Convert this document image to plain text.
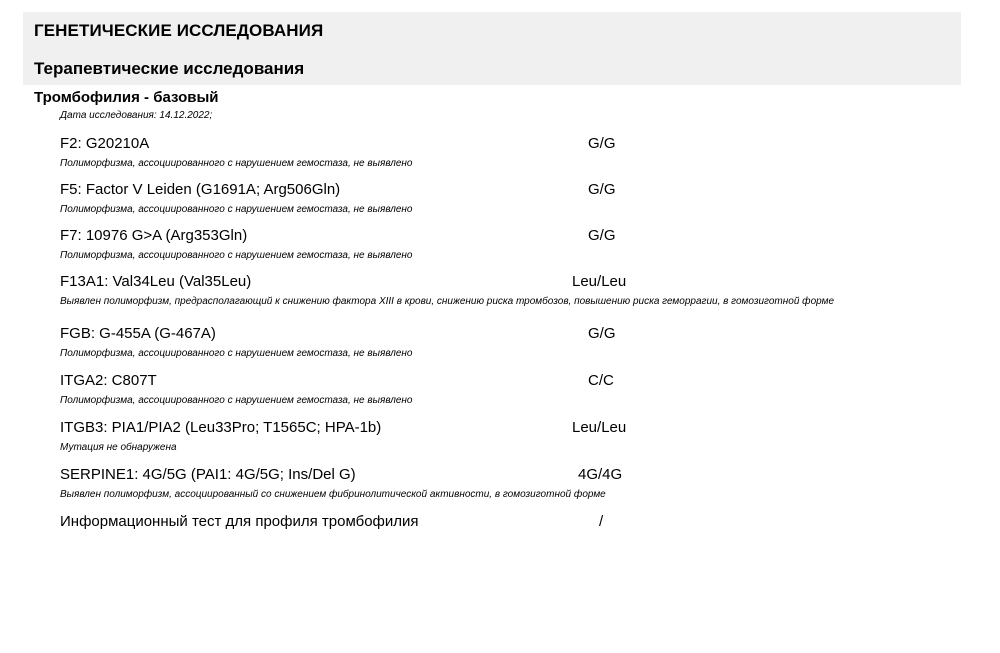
ГЕНЕТИЧЕСКИЕ ИССЛЕДОВАНИЯ
Терапевтические исследования
Тромбофилия - базовый
Дата исследования: 14.12.2022;
F2: G20210A	G/G
Полиморфизма, ассоциированного с нарушением гемостаза, не выявлено
F5: Factor V Leiden (G1691A; Arg506Gln)	G/G
Полиморфизма, ассоциированного с нарушением гемостаза, не выявлено
F7: 10976 G>A (Arg353Gln)	G/G
Полиморфизма, ассоциированного с нарушением гемостаза, не выявлено
F13A1: Val34Leu (Val35Leu)	Leu/Leu
Выявлен полиморфизм, предрасполагающий к снижению фактора XIII в крови, снижению риска тромбозов, повышению риска геморрагии, в гомозиготной форме
FGB: G-455A (G-467A)	G/G
Полиморфизма, ассоциированного с нарушением гемостаза, не выявлено
ITGA2: C807T	C/C
Полиморфизма, ассоциированного с нарушением гемостаза, не выявлено
ITGB3: PIA1/PIA2 (Leu33Pro; T1565C; HPA-1b)	Leu/Leu
Мутация не обнаружена
SERPINE1: 4G/5G (PAI1: 4G/5G; Ins/Del G)	4G/4G
Выявлен полиморфизм, ассоциированный со снижением фибринолитической активности, в гомозиготной форме
Информационный тест для профиля тромбофилия	/
